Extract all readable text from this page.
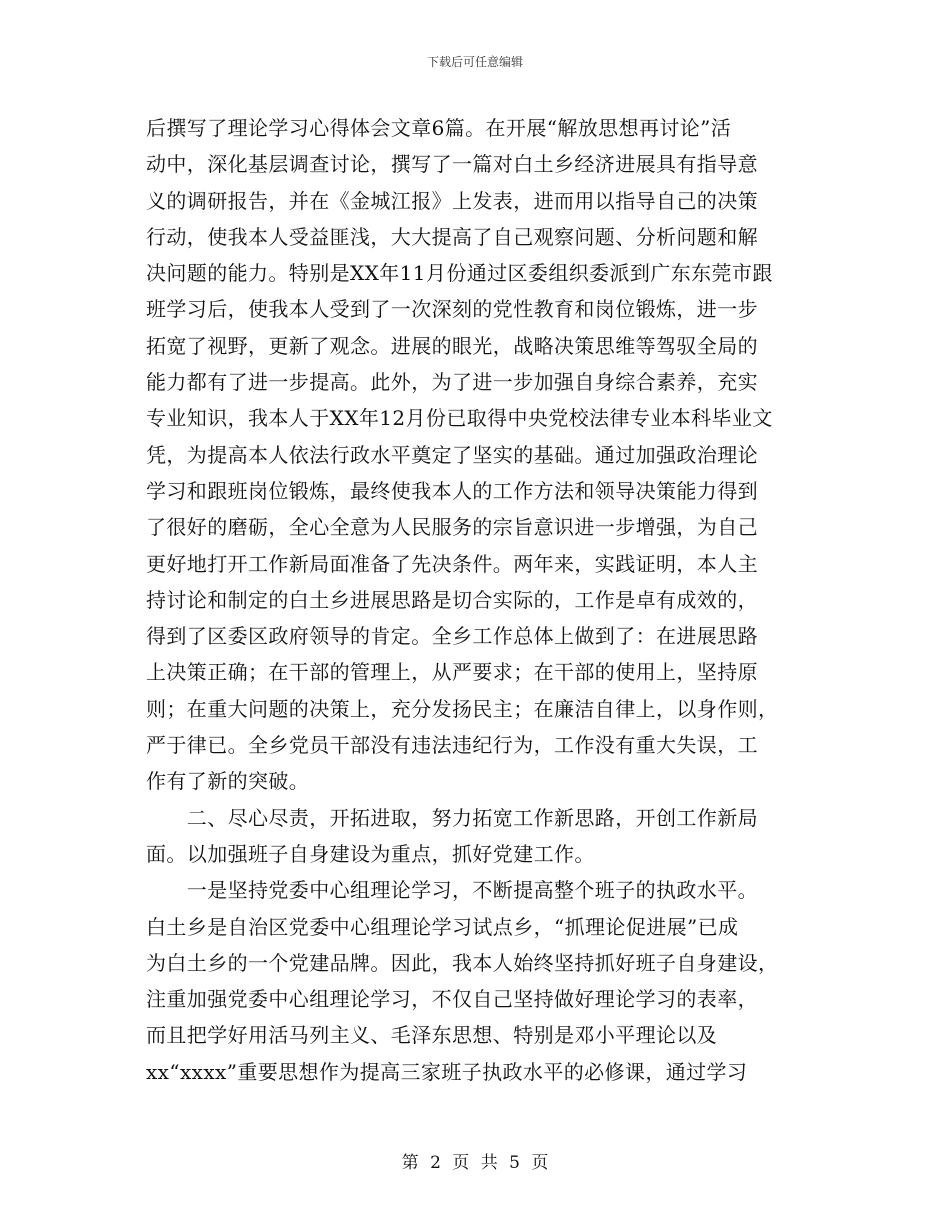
下载后可任意编辑
后撰写了理论学习心得体会文章6篇。在开展“解放思想再讨论”活
动中，深化基层调查讨论，撰写了一篇对白土乡经济进展具有指导意
义的调研报告，并在《金城江报》上发表，进而用以指导自己的决策
行动，使我本人受益匪浅，大大提高了自己观察问题、分析问题和解
决问题的能力。特别是XX年11月份通过区委组织委派到广东东莞市跟
班学习后，使我本人受到了一次深刻的党性教育和岗位锻炼，进一步
拓宽了视野，更新了观念。进展的眼光，战略决策思维等驾驭全局的
能力都有了进一步提高。此外，为了进一步加强自身综合素养，充实
专业知识，我本人于XX年12月份已取得中央党校法律专业本科毕业文
凭，为提高本人依法行政水平奠定了坚实的基础。通过加强政治理论
学习和跟班岗位锻炼，最终使我本人的工作方法和领导决策能力得到
了很好的磨砺，全心全意为人民服务的宗旨意识进一步增强，为自己
更好地打开工作新局面准备了先决条件。两年来，实践证明，本人主
持讨论和制定的白土乡进展思路是切合实际的，工作是卓有成效的，
得到了区委区政府领导的肯定。全乡工作总体上做到了：在进展思路
上决策正确；在干部的管理上，从严要求；在干部的使用上，坚持原
则；在重大问题的决策上，充分发扬民主；在廉洁自律上，以身作则，
严于律已。全乡党员干部没有违法违纪行为，工作没有重大失误，工
作有了新的突破。
　　二、尽心尽责，开拓进取，努力拓宽工作新思路，开创工作新局
面。以加强班子自身建设为重点，抓好党建工作。
　　一是坚持党委中心组理论学习，不断提高整个班子的执政水平。
白土乡是自治区党委中心组理论学习试点乡，“抓理论促进展”已成
为白土乡的一个党建品牌。因此，我本人始终坚持抓好班子自身建设，
注重加强党委中心组理论学习，不仅自己坚持做好理论学习的表率，
而且把学好用活马列主义、毛泽东思想、特别是邓小平理论以及
xx“xxxx”重要思想作为提高三家班子执政水平的必修课，通过学习
第 2 页 共 5 页
